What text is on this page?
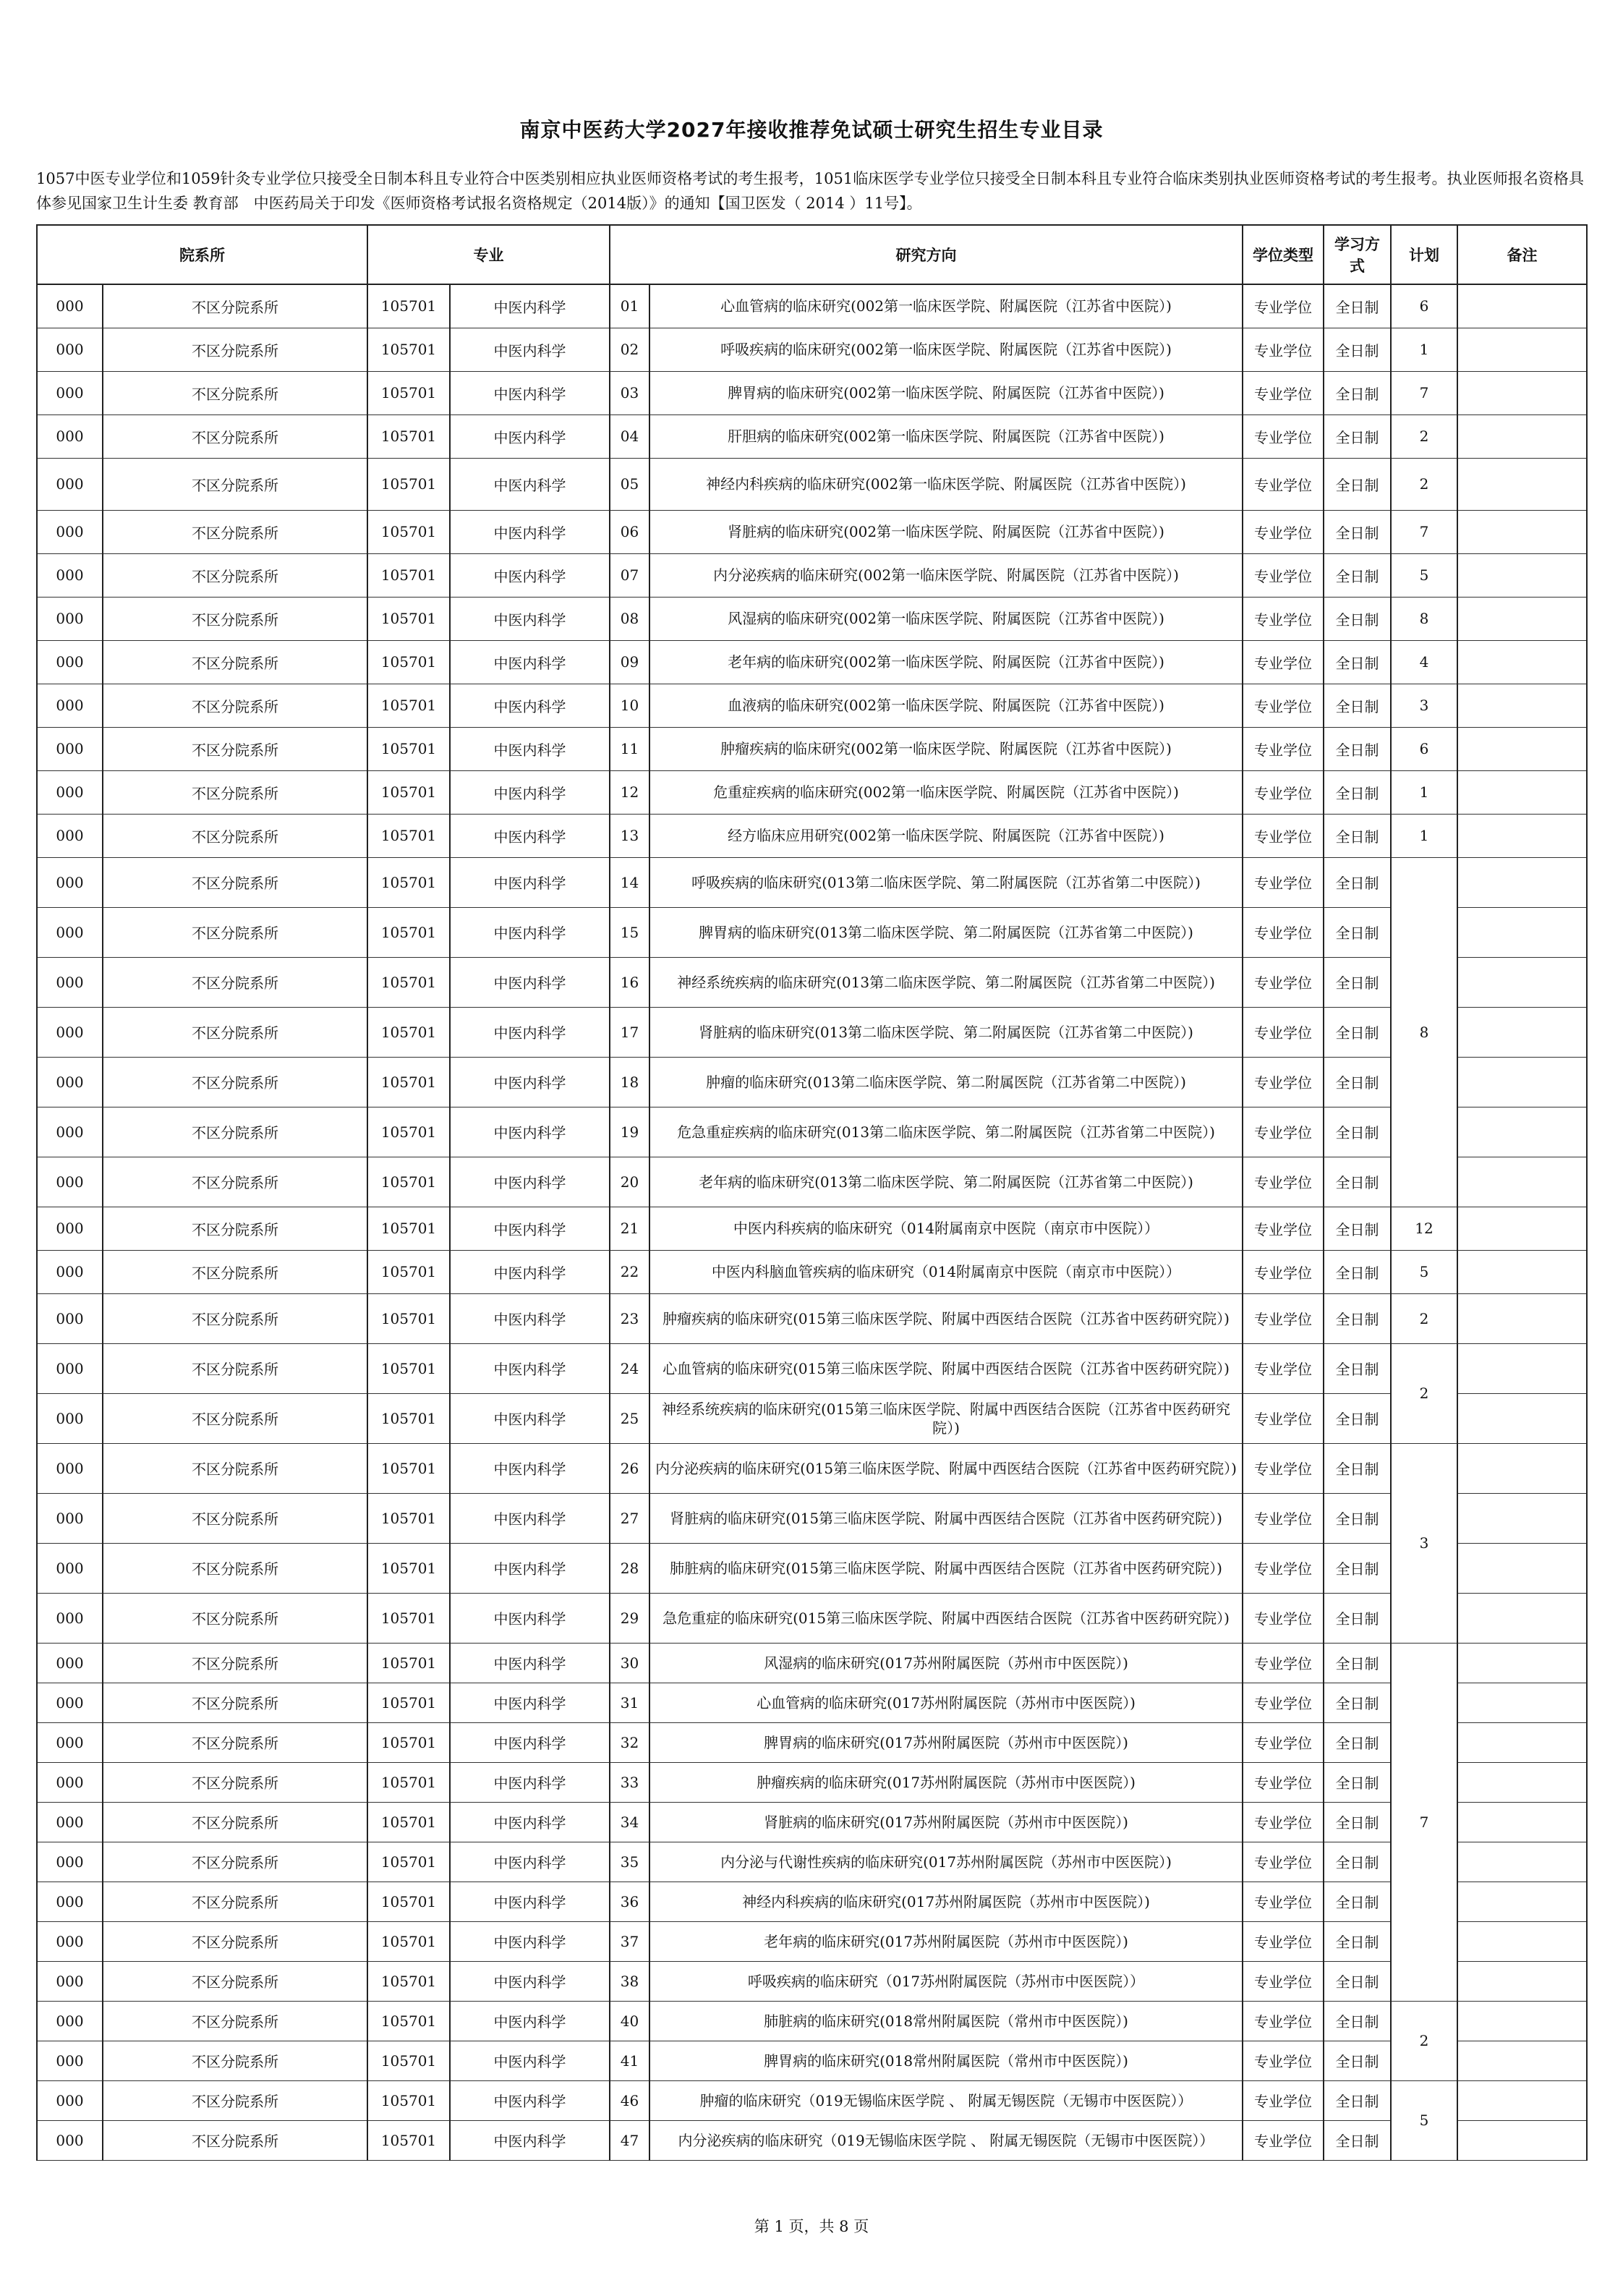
南京中医药大学2027年接收推荐免试硕士研究生招生专业目录
1057中医专业学位和1059针灸专业学位只接受全日制本科且专业符合中医类别相应执业医师资格考试的考生报考，1051临床医学专业学位只接受全日制本科且专业符合临床类别执业医师资格考试的考生报考。执业医师报名资格具体参见国家卫生计生委 教育部　中医药局关于印发《医师资格考试报名资格规定（2014版）》的通知【国卫医发（ 2014 ）11号】。
院系所		专业		研究方向		学位类型	学习方式	计划	备注
000	不区分院系所	105701	中医内科学	01	心血管病的临床研究(002第一临床医学院、附属医院（江苏省中医院）)	专业学位	全日制	6	
000	不区分院系所	105701	中医内科学	02	呼吸疾病的临床研究(002第一临床医学院、附属医院（江苏省中医院）)	专业学位	全日制	1	
000	不区分院系所	105701	中医内科学	03	脾胃病的临床研究(002第一临床医学院、附属医院（江苏省中医院）)	专业学位	全日制	7	
000	不区分院系所	105701	中医内科学	04	肝胆病的临床研究(002第一临床医学院、附属医院（江苏省中医院）)	专业学位	全日制	2	
000	不区分院系所	105701	中医内科学	05	神经内科疾病的临床研究(002第一临床医学院、附属医院（江苏省中医院）)	专业学位	全日制	2	
000	不区分院系所	105701	中医内科学	06	肾脏病的临床研究(002第一临床医学院、附属医院（江苏省中医院）)	专业学位	全日制	7	
000	不区分院系所	105701	中医内科学	07	内分泌疾病的临床研究(002第一临床医学院、附属医院（江苏省中医院）)	专业学位	全日制	5	
000	不区分院系所	105701	中医内科学	08	风湿病的临床研究(002第一临床医学院、附属医院（江苏省中医院）)	专业学位	全日制	8	
000	不区分院系所	105701	中医内科学	09	老年病的临床研究(002第一临床医学院、附属医院（江苏省中医院）)	专业学位	全日制	4	
000	不区分院系所	105701	中医内科学	10	血液病的临床研究(002第一临床医学院、附属医院（江苏省中医院）)	专业学位	全日制	3	
000	不区分院系所	105701	中医内科学	11	肿瘤疾病的临床研究(002第一临床医学院、附属医院（江苏省中医院）)	专业学位	全日制	6	
000	不区分院系所	105701	中医内科学	12	危重症疾病的临床研究(002第一临床医学院、附属医院（江苏省中医院）)	专业学位	全日制	1	
000	不区分院系所	105701	中医内科学	13	经方临床应用研究(002第一临床医学院、附属医院（江苏省中医院）)	专业学位	全日制	1	
000	不区分院系所	105701	中医内科学	14	呼吸疾病的临床研究(013第二临床医学院、第二附属医院（江苏省第二中医院）)	专业学位	全日制	8	
000	不区分院系所	105701	中医内科学	15	脾胃病的临床研究(013第二临床医学院、第二附属医院（江苏省第二中医院）)	专业学位	全日制		
000	不区分院系所	105701	中医内科学	16	神经系统疾病的临床研究(013第二临床医学院、第二附属医院（江苏省第二中医院）)	专业学位	全日制		
000	不区分院系所	105701	中医内科学	17	肾脏病的临床研究(013第二临床医学院、第二附属医院（江苏省第二中医院）)	专业学位	全日制		
000	不区分院系所	105701	中医内科学	18	肿瘤的临床研究(013第二临床医学院、第二附属医院（江苏省第二中医院）)	专业学位	全日制		
000	不区分院系所	105701	中医内科学	19	危急重症疾病的临床研究(013第二临床医学院、第二附属医院（江苏省第二中医院）)	专业学位	全日制		
000	不区分院系所	105701	中医内科学	20	老年病的临床研究(013第二临床医学院、第二附属医院（江苏省第二中医院）)	专业学位	全日制		
000	不区分院系所	105701	中医内科学	21	中医内科疾病的临床研究（014附属南京中医院（南京市中医院））	专业学位	全日制	12	
000	不区分院系所	105701	中医内科学	22	中医内科脑血管疾病的临床研究（014附属南京中医院（南京市中医院））	专业学位	全日制	5	
000	不区分院系所	105701	中医内科学	23	肿瘤疾病的临床研究(015第三临床医学院、附属中西医结合医院（江苏省中医药研究院）)	专业学位	全日制	2	
000	不区分院系所	105701	中医内科学	24	心血管病的临床研究(015第三临床医学院、附属中西医结合医院（江苏省中医药研究院）)	专业学位	全日制	2	
000	不区分院系所	105701	中医内科学	25	神经系统疾病的临床研究(015第三临床医学院、附属中西医结合医院（江苏省中医药研究院）)	专业学位	全日制		
000	不区分院系所	105701	中医内科学	26	内分泌疾病的临床研究(015第三临床医学院、附属中西医结合医院（江苏省中医药研究院）)	专业学位	全日制	3	
000	不区分院系所	105701	中医内科学	27	肾脏病的临床研究(015第三临床医学院、附属中西医结合医院（江苏省中医药研究院）)	专业学位	全日制		
000	不区分院系所	105701	中医内科学	28	肺脏病的临床研究(015第三临床医学院、附属中西医结合医院（江苏省中医药研究院）)	专业学位	全日制		
000	不区分院系所	105701	中医内科学	29	急危重症的临床研究(015第三临床医学院、附属中西医结合医院（江苏省中医药研究院）)	专业学位	全日制		
000	不区分院系所	105701	中医内科学	30	风湿病的临床研究(017苏州附属医院（苏州市中医医院）)	专业学位	全日制	7	
000	不区分院系所	105701	中医内科学	31	心血管病的临床研究(017苏州附属医院（苏州市中医医院）)	专业学位	全日制		
000	不区分院系所	105701	中医内科学	32	脾胃病的临床研究(017苏州附属医院（苏州市中医医院）)	专业学位	全日制		
000	不区分院系所	105701	中医内科学	33	肿瘤疾病的临床研究(017苏州附属医院（苏州市中医医院）)	专业学位	全日制		
000	不区分院系所	105701	中医内科学	34	肾脏病的临床研究(017苏州附属医院（苏州市中医医院）)	专业学位	全日制		
000	不区分院系所	105701	中医内科学	35	内分泌与代谢性疾病的临床研究(017苏州附属医院（苏州市中医医院）)	专业学位	全日制		
000	不区分院系所	105701	中医内科学	36	神经内科疾病的临床研究(017苏州附属医院（苏州市中医医院）)	专业学位	全日制		
000	不区分院系所	105701	中医内科学	37	老年病的临床研究(017苏州附属医院（苏州市中医医院）)	专业学位	全日制		
000	不区分院系所	105701	中医内科学	38	呼吸疾病的临床研究（017苏州附属医院（苏州市中医医院））	专业学位	全日制		
000	不区分院系所	105701	中医内科学	40	肺脏病的临床研究(018常州附属医院（常州市中医医院）)	专业学位	全日制	2	
000	不区分院系所	105701	中医内科学	41	脾胃病的临床研究(018常州附属医院（常州市中医医院）)	专业学位	全日制		
000	不区分院系所	105701	中医内科学	46	肿瘤的临床研究（019无锡临床医学院 、 附属无锡医院（无锡市中医医院））	专业学位	全日制	5	
000	不区分院系所	105701	中医内科学	47	内分泌疾病的临床研究（019无锡临床医学院 、 附属无锡医院（无锡市中医医院））	专业学位	全日制		
第 1 页，共 8 页
